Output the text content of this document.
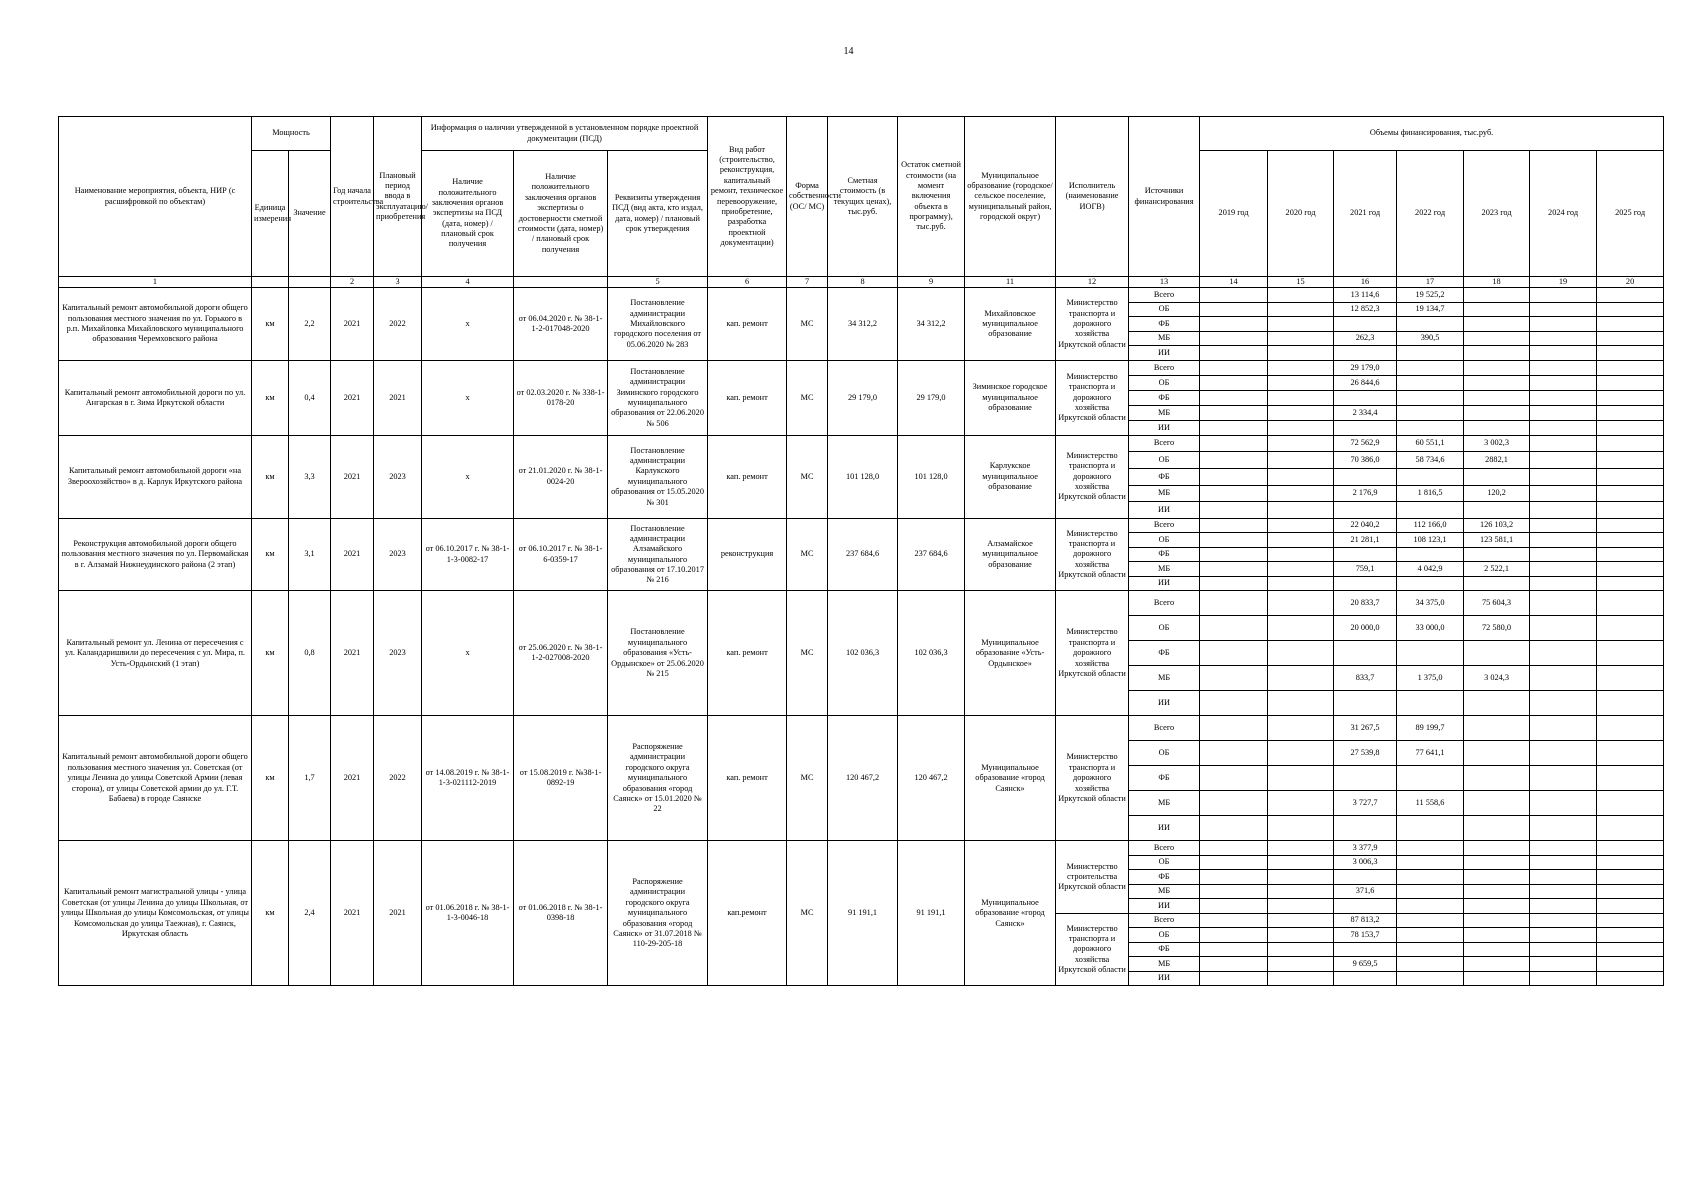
14
Наименование мероприятия, объекта, НИР (с расшифровкой по объектам)	Мощность		Год начала строительства	Плановый период ввода в эксплуатацию/приобретения	Информация о наличии утвержденной в установленном порядке проектной документации (ПСД)			Вид работ (строительство, реконструкция, капитальный ремонт, техническое перевооружение, приобретение, разработка проектной документации)	Форма собственности (ОС/ МС)	Сметная стоимость (в текущих ценах), тыс.руб.	Остаток сметной стоимости (на момент включения объекта в программу), тыс.руб.	Муниципальное образование (городское/сельское поселение, муниципальный район, городской округ)	Исполнитель (наименование ИОГВ)	Источники финансирования	Объемы финансирования, тыс.руб.						
	Единица измерения	Значение			Наличие положительного заключения органов экспертизы на ПСД (дата, номер) / плановый срок получения	Наличие положительного заключения органов экспертизы о достоверности сметной стоимости (дата, номер) / плановый срок получения	Реквизиты утверждения ПСД (вид акта, кто издал, дата, номер) / плановый срок утверждения								2019 год	2020 год	2021 год	2022 год	2023 год	2024 год	2025 год
1			2	3	4		5	6	7	8	9	11	12	13	14	15	16	17	18	19	20
Капитальный ремонт автомобильной дороги общего пользования местного значения по ул. Горького в р.п. Михайловка Михайловского муниципального образования Черемховского района	км	2,2	2021	2022	х	от 06.04.2020 г. № 38-1-1-2-017048-2020	Постановление администрации Михайловского городского поселения от 05.06.2020 № 283	кап. ремонт	МС	34 312,2	34 312,2	Михайловское муниципальное образование	Министерство транспорта и дорожного хозяйства Иркутской области	Всего			13 114,6	19 525,2			
														ОБ			12 852,3	19 134,7			
														ФБ							
														МБ			262,3	390,5			
														ИИ							
Капитальный ремонт автомобильной дороги по ул. Ангарская в г. Зима Иркутской области	км	0,4	2021	2021	х	от 02.03.2020 г. № 338-1-0178-20	Постановление администрации Зиминского городского муниципального образования от 22.06.2020 № 506	кап. ремонт	МС	29 179,0	29 179,0	Зиминское городское муниципальное образование	Министерство транспорта и дорожного хозяйства Иркутской области	Всего			29 179,0				
														ОБ			26 844,6				
														ФБ							
														МБ			2 334,4				
														ИИ							
Капитальный ремонт автомобильной дороги «на Звероохозяйство» в д. Карлук Иркутского района	км	3,3	2021	2023	х	от 21.01.2020 г. № 38-1-0024-20	Постановление администрации Карлукского муниципального образования от 15.05.2020 № 301	кап. ремонт	МС	101 128,0	101 128,0	Карлукское муниципальное образование	Министерство транспорта и дорожного хозяйства Иркутской области	Всего			72 562,9	60 551,1	3 002,3		
														ОБ			70 386,0	58 734,6	2882,1		
														ФБ							
														МБ			2 176,9	1 816,5	120,2		
														ИИ							
Реконструкция автомобильной дороги общего пользования местного значения по ул. Первомайская в г. Алзамай Нижнеудинского района (2 этап)	км	3,1	2021	2023	от 06.10.2017 г. № 38-1-1-3-0082-17	от 06.10.2017 г. № 38-1-6-0359-17	Постановление администрации Алзамайского муниципального образования от 17.10.2017 № 216	реконструкция	МС	237 684,6	237 684,6	Алзамайское муниципальное образование	Министерство транспорта и дорожного хозяйства Иркутской области	Всего			22 040,2	112 166,0	126 103,2		
														ОБ			21 281,1	108 123,1	123 581,1		
														ФБ							
														МБ			759,1	4 042,9	2 522,1		
														ИИ							
Капитальный ремонт ул. Ленина от пересечения с ул. Каландаришвили до пересечения с ул. Мира, п. Усть-Ордынский (1 этап)	км	0,8	2021	2023	х	от 25.06.2020 г. № 38-1-1-2-027008-2020	Постановление муниципального образования «Усть-Ордынское» от 25.06.2020 № 215	кап. ремонт	МС	102 036,3	102 036,3	Муниципальное образование «Усть-Ордынское»	Министерство транспорта и дорожного хозяйства Иркутской области	Всего			20 833,7	34 375,0	75 604,3		
														ОБ			20 000,0	33 000,0	72 580,0		
														ФБ							
														МБ			833,7	1 375,0	3 024,3		
														ИИ							
Капитальный ремонт автомобильной дороги общего пользования местного значения ул. Советская (от улицы Ленина до улицы Советской Армии (левая сторона), от улицы Советской армии до ул. Г.Т. Бабаева) в городе Саянске	км	1,7	2021	2022	от 14.08.2019 г. № 38-1-1-3-021112-2019	от 15.08.2019 г. №38-1-0892-19	Распоряжение администрации городского округа муниципального образования «город Саянск» от 15.01.2020 № 22	кап. ремонт	МС	120 467,2	120 467,2	Муниципальное образование «город Саянск»	Министерство транспорта и дорожного хозяйства Иркутской области	Всего			31 267,5	89 199,7			
														ОБ			27 539,8	77 641,1			
														ФБ							
														МБ			3 727,7	11 558,6			
														ИИ							
Капитальный ремонт магистральной улицы - улица Советская (от улицы Ленина до улицы Школьная, от улицы Школьная до улицы Комсомольская, от улицы Комсомольская до улицы Таежная), г. Саянск, Иркутская область	км	2,4	2021	2021	от 01.06.2018 г. № 38-1-1-3-0046-18	от 01.06.2018 г. № 38-1-0398-18	Распоряжение администрации городского округа муниципального образования «город Саянск» от 31.07.2018 № 110-29-205-18	кап.ремонт	МС	91 191,1	91 191,1	Муниципальное образование «город Саянск»	Министерство строительства Иркутской области	Всего			3 377,9				
														ОБ			3 006,3				
														ФБ							
														МБ			371,6				
														ИИ							
													Министерство транспорта и дорожного хозяйства Иркутской области	Всего			87 813,2				
														ОБ			78 153,7				
														ФБ							
														МБ			9 659,5				
														ИИ							
